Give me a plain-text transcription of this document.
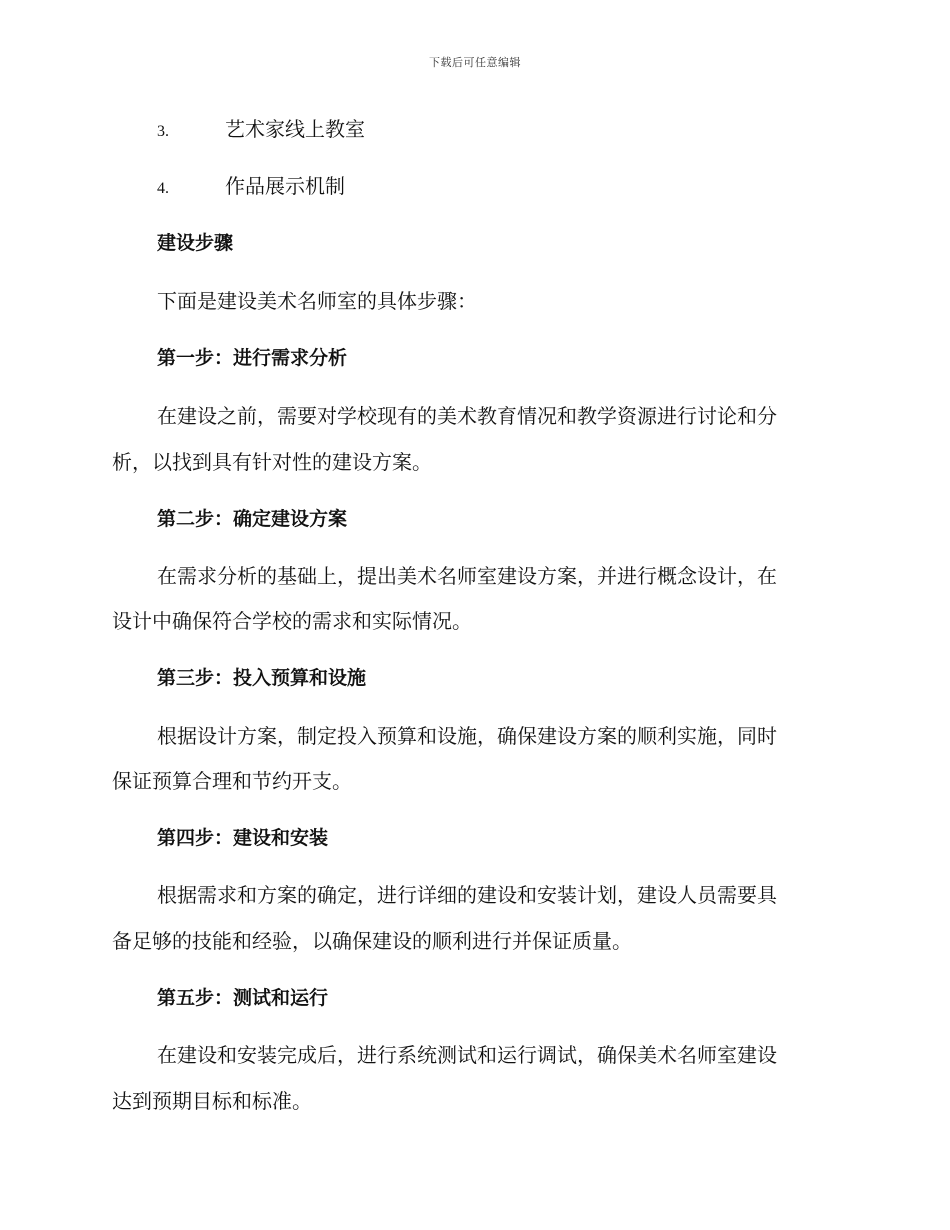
下载后可任意编辑
3.	艺术家线上教室
4.	作品展示机制
建设步骤
下面是建设美术名师室的具体步骤：
第一步：进行需求分析
在建设之前，需要对学校现有的美术教育情况和教学资源进行讨论和分
析，以找到具有针对性的建设方案。
第二步：确定建设方案
在需求分析的基础上，提出美术名师室建设方案，并进行概念设计，在
设计中确保符合学校的需求和实际情况。
第三步：投入预算和设施
根据设计方案，制定投入预算和设施，确保建设方案的顺利实施，同时
保证预算合理和节约开支。
第四步：建设和安装
根据需求和方案的确定，进行详细的建设和安装计划，建设人员需要具
备足够的技能和经验，以确保建设的顺利进行并保证质量。
第五步：测试和运行
在建设和安装完成后，进行系统测试和运行调试，确保美术名师室建设
达到预期目标和标准。
